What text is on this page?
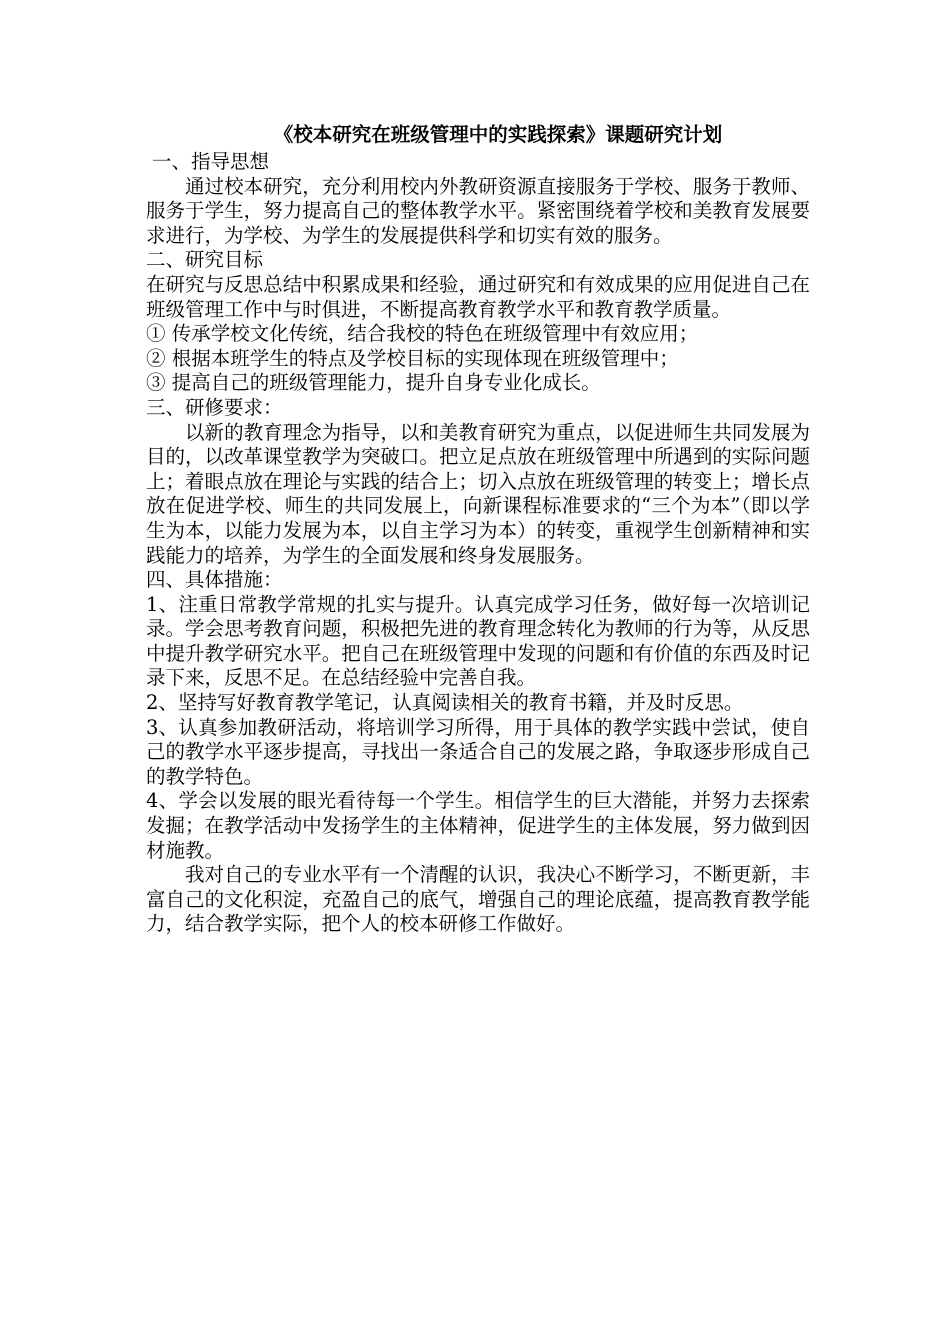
《校本研究在班级管理中的实践探索》课题研究计划

一、指导思想

通过校本研究，充分利用校内外教研资源直接服务于学校、服务于教师、服务于学生，努力提高自己的整体教学水平。紧密围绕着学校和美教育发展要求进行，为学校、为学生的发展提供科学和切实有效的服务。

二、研究目标

在研究与反思总结中积累成果和经验，通过研究和有效成果的应用促进自己在班级管理工作中与时俱进，不断提高教育教学水平和教育教学质量。

① 传承学校文化传统，结合我校的特色在班级管理中有效应用；

② 根据本班学生的特点及学校目标的实现体现在班级管理中；

③ 提高自己的班级管理能力，提升自身专业化成长。

三、研修要求：

以新的教育理念为指导，以和美教育研究为重点，以促进师生共同发展为目的，以改革课堂教学为突破口。把立足点放在班级管理中所遇到的实际问题上；着眼点放在理论与实践的结合上；切入点放在班级管理的转变上；增长点放在促进学校、师生的共同发展上，向新课程标准要求的“三个为本”（即以学生为本，以能力发展为本，以自主学习为本）的转变，重视学生创新精神和实践能力的培养，为学生的全面发展和终身发展服务。

四、具体措施：

1、注重日常教学常规的扎实与提升。认真完成学习任务，做好每一次培训记录。学会思考教育问题，积极把先进的教育理念转化为教师的行为等，从反思中提升教学研究水平。把自己在班级管理中发现的问题和有价值的东西及时记录下来，反思不足。在总结经验中完善自我。

2、坚持写好教育教学笔记，认真阅读相关的教育书籍，并及时反思。

3、认真参加教研活动，将培训学习所得，用于具体的教学实践中尝试，使自己的教学水平逐步提高，寻找出一条适合自己的发展之路，争取逐步形成自己的教学特色。

4、学会以发展的眼光看待每一个学生。相信学生的巨大潜能，并努力去探索发掘；在教学活动中发扬学生的主体精神，促进学生的主体发展，努力做到因材施教。

我对自己的专业水平有一个清醒的认识，我决心不断学习，不断更新，丰富自己的文化积淀，充盈自己的底气，增强自己的理论底蕴，提高教育教学能力，结合教学实际，把个人的校本研修工作做好。
